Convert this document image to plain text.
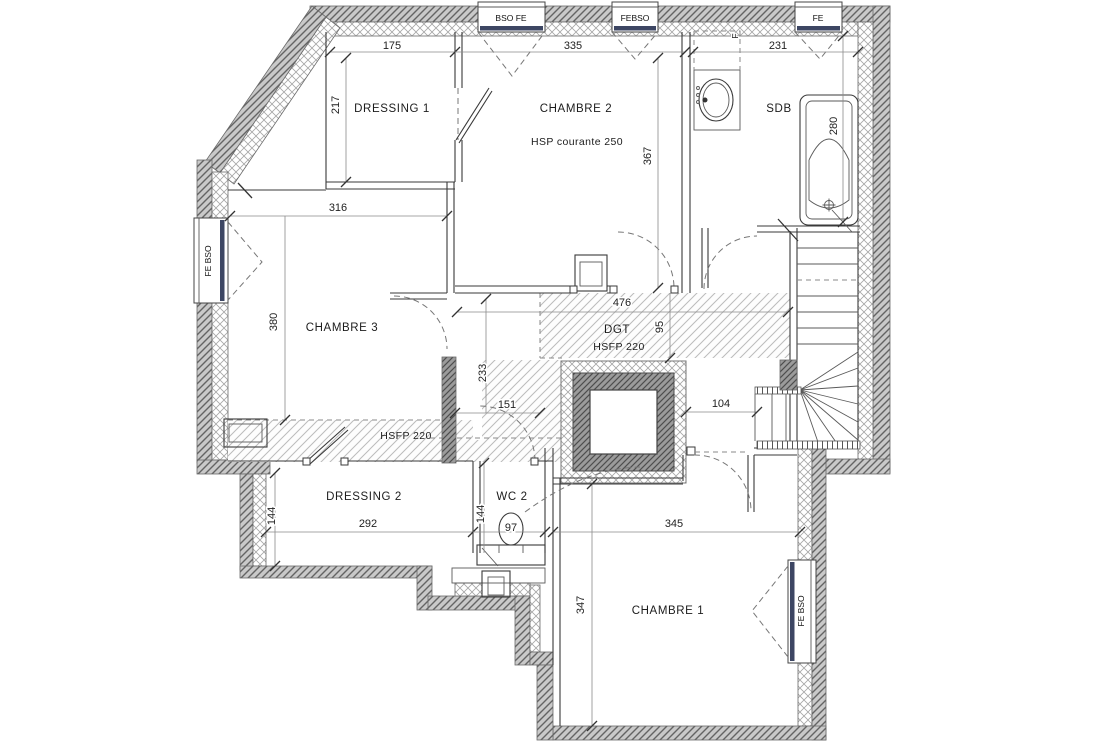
BSO FE	FEBSO	FE
FE BSO
FE BSO
F
175	335	231
217
367
280
316
380
476
95
233
151	104
144	292
144
97	345
347
DRESSING 1	CHAMBRE 2
HSP courante 250
SDB
CHAMBRE 3	DGT
HSFP 220
HSFP 220
DRESSING 2	WC 2
CHAMBRE 1
